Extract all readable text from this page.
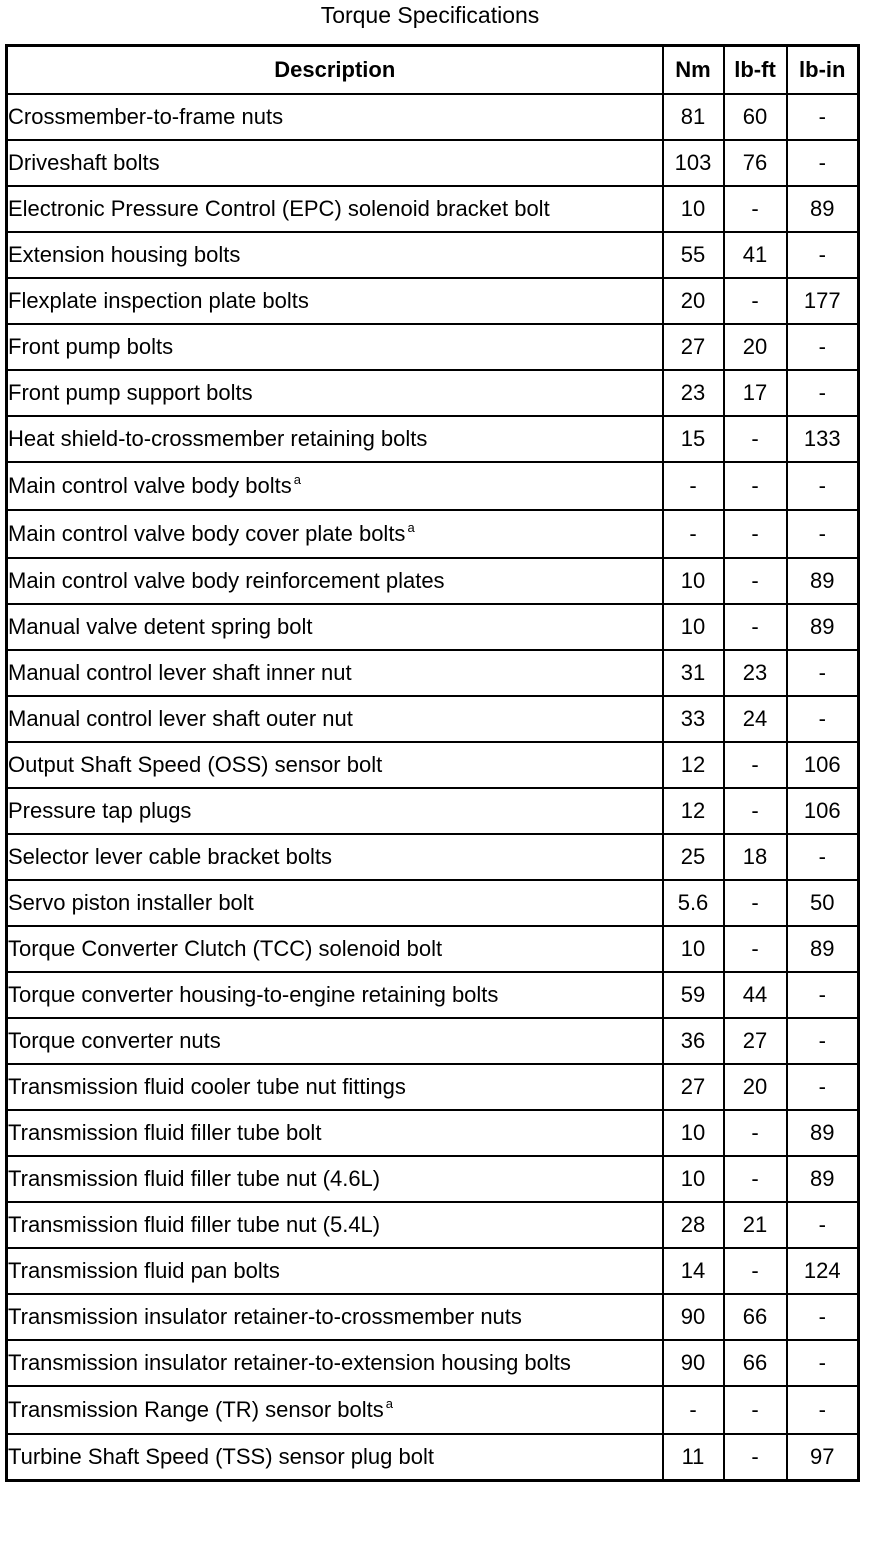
Torque Specifications
Description	Nm	lb-ft	lb-in
Crossmember-to-frame nuts	81	60	-
Driveshaft bolts	103	76	-
Electronic Pressure Control (EPC) solenoid bracket bolt	10	-	89
Extension housing bolts	55	41	-
Flexplate inspection plate bolts	20	-	177
Front pump bolts	27	20	-
Front pump support bolts	23	17	-
Heat shield-to-crossmember retaining bolts	15	-	133
Main control valve body bolts $^a$	-	-	-
Main control valve body cover plate bolts $^a$	-	-	-
Main control valve body reinforcement plates	10	-	89
Manual valve detent spring bolt	10	-	89
Manual control lever shaft inner nut	31	23	-
Manual control lever shaft outer nut	33	24	-
Output Shaft Speed (OSS) sensor bolt	12	-	106
Pressure tap plugs	12	-	106
Selector lever cable bracket bolts	25	18	-
Servo piston installer bolt	5.6	-	50
Torque Converter Clutch (TCC) solenoid bolt	10	-	89
Torque converter housing-to-engine retaining bolts	59	44	-
Torque converter nuts	36	27	-
Transmission fluid cooler tube nut fittings	27	20	-
Transmission fluid filler tube bolt	10	-	89
Transmission fluid filler tube nut (4.6L)	10	-	89
Transmission fluid filler tube nut (5.4L)	28	21	-
Transmission fluid pan bolts	14	-	124
Transmission insulator retainer-to-crossmember nuts	90	66	-
Transmission insulator retainer-to-extension housing bolts	90	66	-
Transmission Range (TR) sensor bolts $^a$	-	-	-
Turbine Shaft Speed (TSS) sensor plug bolt	11	-	97
